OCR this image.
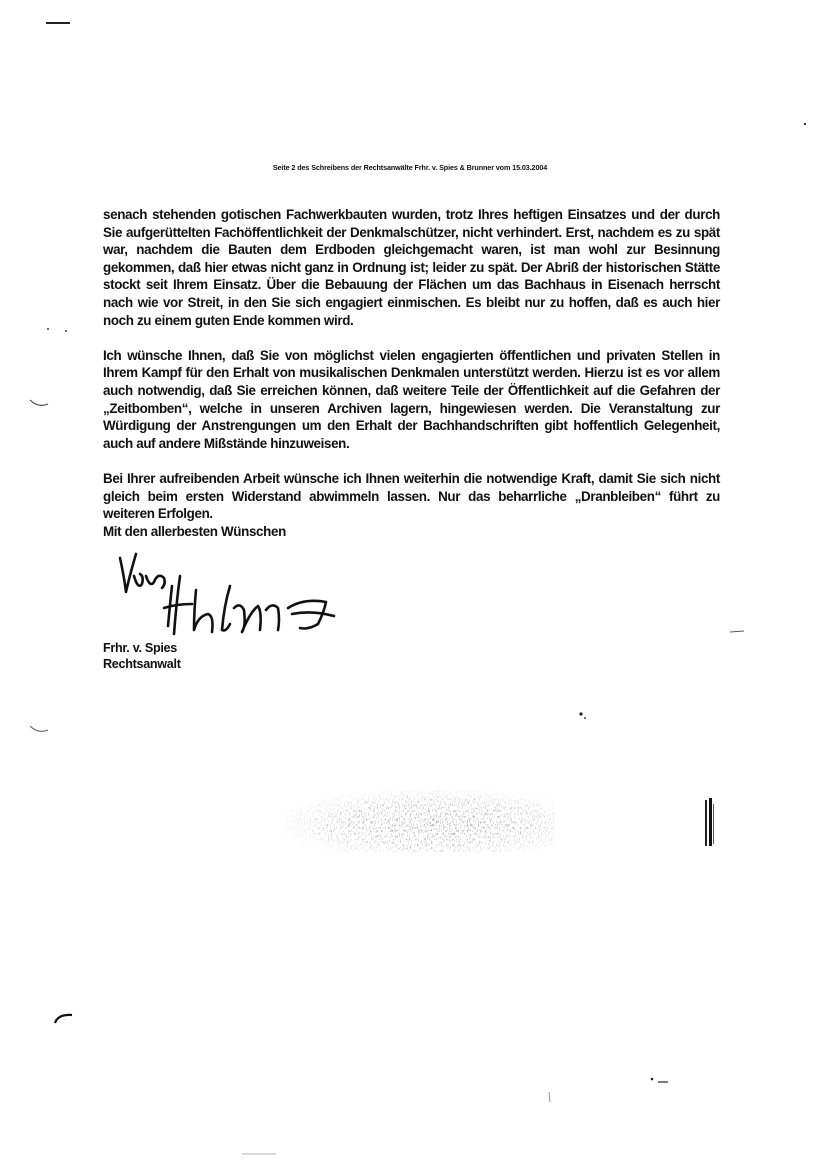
Seite 2 des Schreibens der Rechtsanwälte Frhr. v. Spies & Brunner vom 15.03.2004

senach stehenden gotischen Fachwerkbauten wurden, trotz Ihres heftigen Einsatzes und der durch Sie aufgerüttelten Fachöffentlichkeit der Denkmalschützer, nicht verhindert. Erst, nachdem es zu spät war, nachdem die Bauten dem Erdboden gleichgemacht waren, ist man wohl zur Besinnung gekommen, daß hier etwas nicht ganz in Ordnung ist; leider zu spät. Der Abriß der historischen Stätte stockt seit Ihrem Einsatz. Über die Bebauung der Flächen um das Bachhaus in Eisenach herrscht nach wie vor Streit, in den Sie sich engagiert einmischen. Es bleibt nur zu hoffen, daß es auch hier noch zu einem guten Ende kommen wird.

Ich wünsche Ihnen, daß Sie von möglichst vielen engagierten öffentlichen und privaten Stellen in Ihrem Kampf für den Erhalt von musikalischen Denkmalen unterstützt werden. Hierzu ist es vor allem auch notwendig, daß Sie erreichen können, daß weitere Teile der Öffentlichkeit auf die Gefahren der „Zeitbomben“, welche in unseren Archiven lagern, hingewiesen werden. Die Veranstaltung zur Würdigung der Anstrengungen um den Erhalt der Bachhandschriften gibt hoffentlich Gelegenheit, auch auf andere Mißstände hinzuweisen.

Bei Ihrer aufreibenden Arbeit wünsche ich Ihnen weiterhin die notwendige Kraft, damit Sie sich nicht gleich beim ersten Widerstand abwimmeln lassen. Nur das beharrliche „Dranbleiben“ führt zu weiteren Erfolgen.

Mit den allerbesten Wünschen
Frhr. v. Spies
Rechtsanwalt
